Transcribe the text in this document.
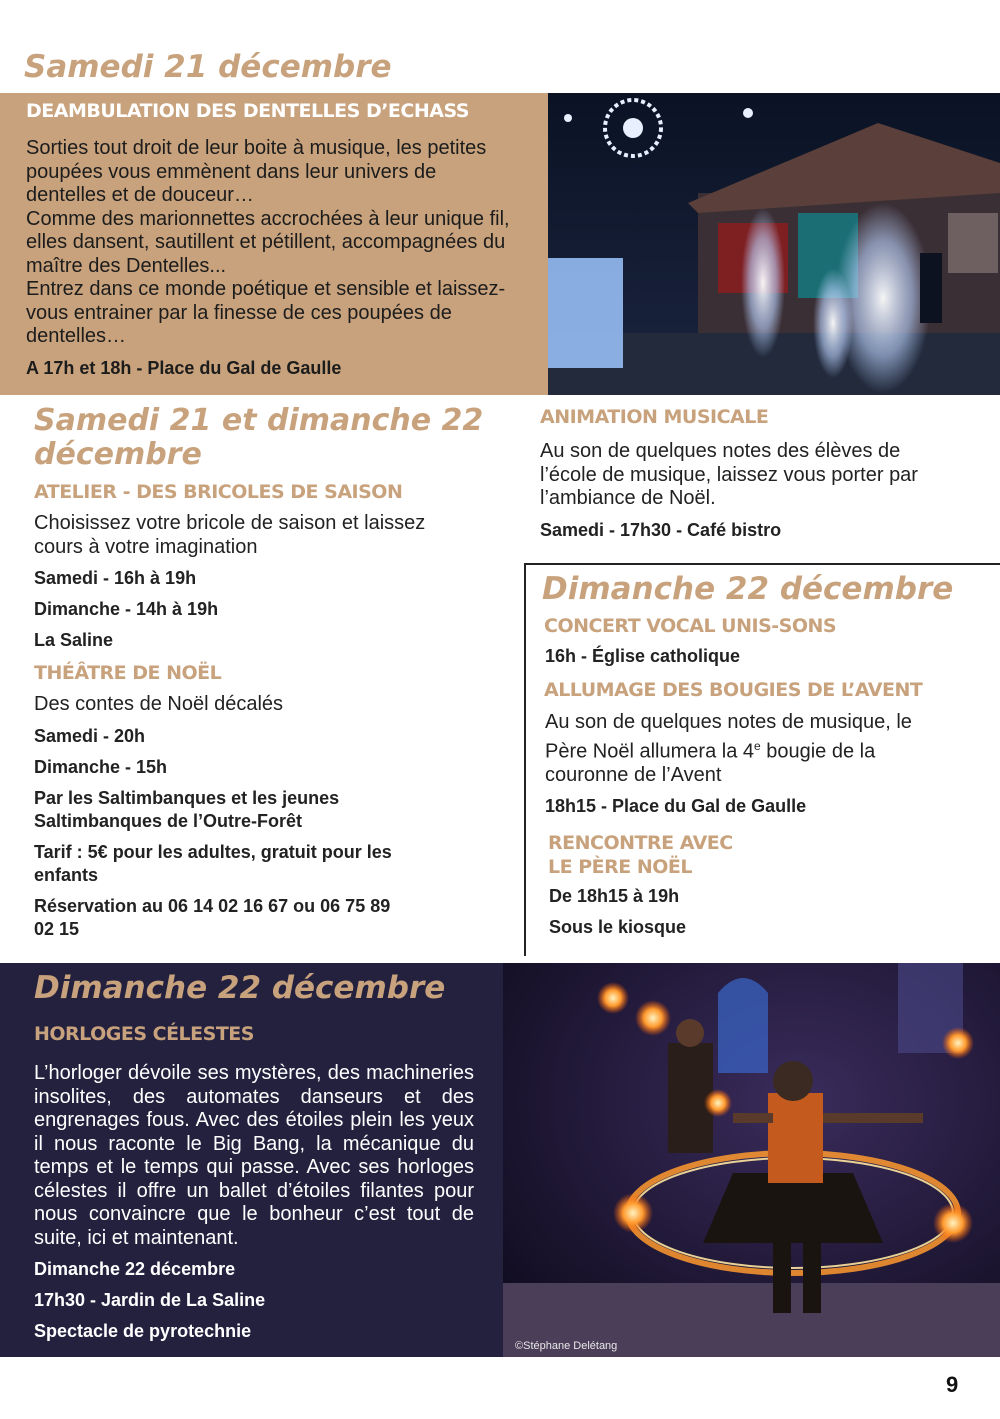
Samedi 21 décembre
DEAMBULATION DES DENTELLES D’ECHASS

Sorties tout droit de leur boite à musique, les petites poupées vous emmènent dans leur univers de dentelles et de douceur…

Comme des marionnettes accrochées à leur unique fil, elles dansent, sautillent et pétillent, accompagnées du maître des Dentelles...

Entrez dans ce monde poétique et sensible et laissez-vous entrainer par la finesse de ces poupées de dentelles…

A 17h et 18h - Place du Gal de Gaulle

Samedi 21 et dimanche 22 décembre
ATELIER - DES BRICOLES DE SAISON

Choisissez votre bricole de saison et laissez cours à votre imagination

Samedi - 16h à 19h

Dimanche - 14h à 19h

La Saline

THÉÂTRE DE NOËL

Des contes de Noël décalés

Samedi - 20h

Dimanche - 15h

Par les Saltimbanques et les jeunes Saltimbanques de l’Outre-Forêt

Tarif : 5€ pour les adultes, gratuit pour les enfants

Réservation au 06 14 02 16 67 ou 06 75 89 02 15

ANIMATION MUSICALE

Au son de quelques notes des élèves de l’école de musique, laissez vous porter par l’ambiance de Noël.

Samedi - 17h30 - Café bistro

Dimanche 22 décembre
CONCERT VOCAL UNIS-SONS

16h - Église catholique

ALLUMAGE DES BOUGIES DE L’AVENT

Au son de quelques notes de musique, le Père Noël allumera la 4e bougie de la couronne de l’Avent

18h15 - Place du Gal de Gaulle

RENCONTRE AVEC
LE PÈRE NOËL

De 18h15 à 19h

Sous le kiosque

Dimanche 22 décembre
HORLOGES CÉLESTES

L’horloger dévoile ses mystères, des machineries insolites, des automates danseurs et des engrenages fous. Avec des étoiles plein les yeux il nous raconte le Big Bang, la mécanique du temps et le temps qui passe. Avec ses horloges célestes il offre un ballet d’étoiles filantes pour nous convaincre que le bonheur c’est tout de suite, ici et maintenant.

Dimanche 22 décembre

17h30 - Jardin de La Saline

Spectacle de pyrotechnie

©Stéphane Delétang
9
